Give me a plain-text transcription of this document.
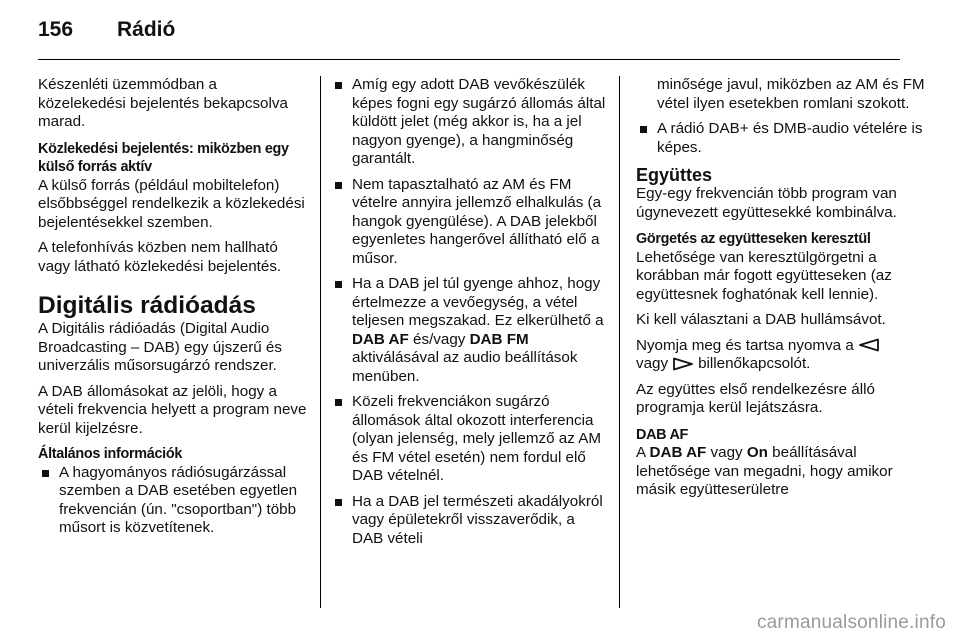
156 Rádió

Készenléti üzemmódban a közelekedési bejelentés bekapcsolva marad.

Közlekedési bejelentés: miközben egy külső forrás aktív

A külső forrás (például mobiltelefon) elsőbbséggel rendelkezik a közlekedési bejelentésekkel szemben.

A telefonhívás közben nem hallható vagy látható közlekedési bejelentés.

Digitális rádióadás

A Digitális rádióadás (Digital Audio Broadcasting – DAB) egy újszerű és univerzális műsorsugárzó rendszer.

A DAB állomásokat az jelöli, hogy a vételi frekvencia helyett a program neve kerül kijelzésre.

Általános információk
A hagyományos rádiósugárzással szemben a DAB esetében egyetlen frekvencián (ún. "csoportban") több műsort is közvetítenek.
Amíg egy adott DAB vevőkészülék képes fogni egy sugárzó állomás által küldött jelet (még akkor is, ha a jel nagyon gyenge), a hangminőség garantált.
Nem tapasztalható az AM és FM vételre annyira jellemző elhalkulás (a hangok gyengülése). A DAB jelekből egyenletes hangerővel állítható elő a műsor.
Ha a DAB jel túl gyenge ahhoz, hogy értelmezze a vevőegység, a vétel teljesen megszakad. Ez elkerülhető a DAB AF és/vagy DAB FM aktiválásával az audio beállítások menüben.
Közeli frekvenciákon sugárzó állomások által okozott interferencia (olyan jelenség, mely jellemző az AM és FM vétel esetén) nem fordul elő DAB vételnél.
Ha a DAB jel természeti akadályokról vagy épületekről visszaverődik, a DAB vételi
minősége javul, miközben az AM és FM vétel ilyen esetekben romlani szokott.
A rádió DAB+ és DMB-audio vételére is képes.
Együttes

Egy-egy frekvencián több program van úgynevezett együttesekké kombinálva.

Görgetés az együtteseken keresztül

Lehetősége van keresztülgörgetni a korábban már fogott együtteseken (az együttesnek foghatónak kell lennie).

Ki kell választani a DAB hullámsávot.

Nyomja meg és tartsa nyomva a
vagy billenőkapcsolót.

Az együttes első rendelkezésre álló programja kerül lejátszásra.

DAB AF

A DAB AF vagy On beállításával lehetősége van megadni, hogy amikor másik együtteserületre

carmanualsonline.info
